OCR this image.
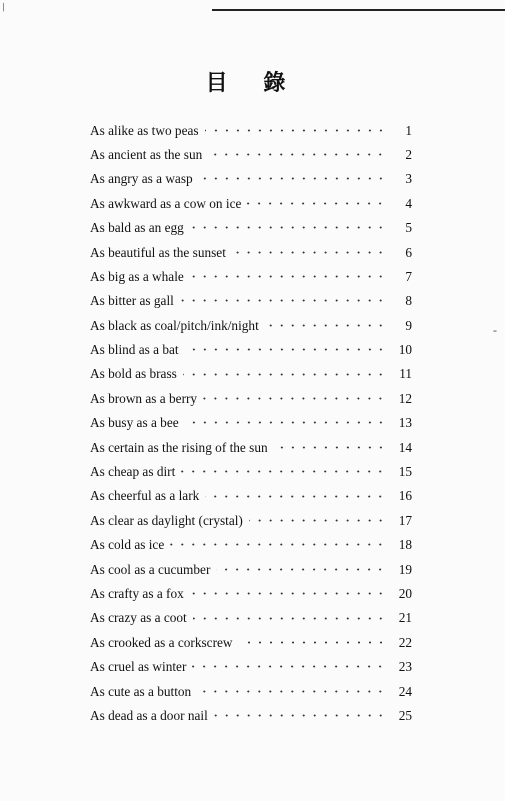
/
-
目 錄
As alike as two peas	1
As ancient as the sun	2
As angry as a wasp	3
As awkward as a cow on ice	4
As bald as an egg	5
As beautiful as the sunset	6
As big as a whale	7
As bitter as gall	8
As black as coal/pitch/ink/night	9
As blind as a bat	10
As bold as brass	11
As brown as a berry	12
As busy as a bee	13
As certain as the rising of the sun	14
As cheap as dirt	15
As cheerful as a lark	16
As clear as daylight (crystal)	17
As cold as ice	18
As cool as a cucumber	19
As crafty as a fox	20
As crazy as a coot	21
As crooked as a corkscrew	22
As cruel as winter	23
As cute as a button	24
As dead as a door nail	25
